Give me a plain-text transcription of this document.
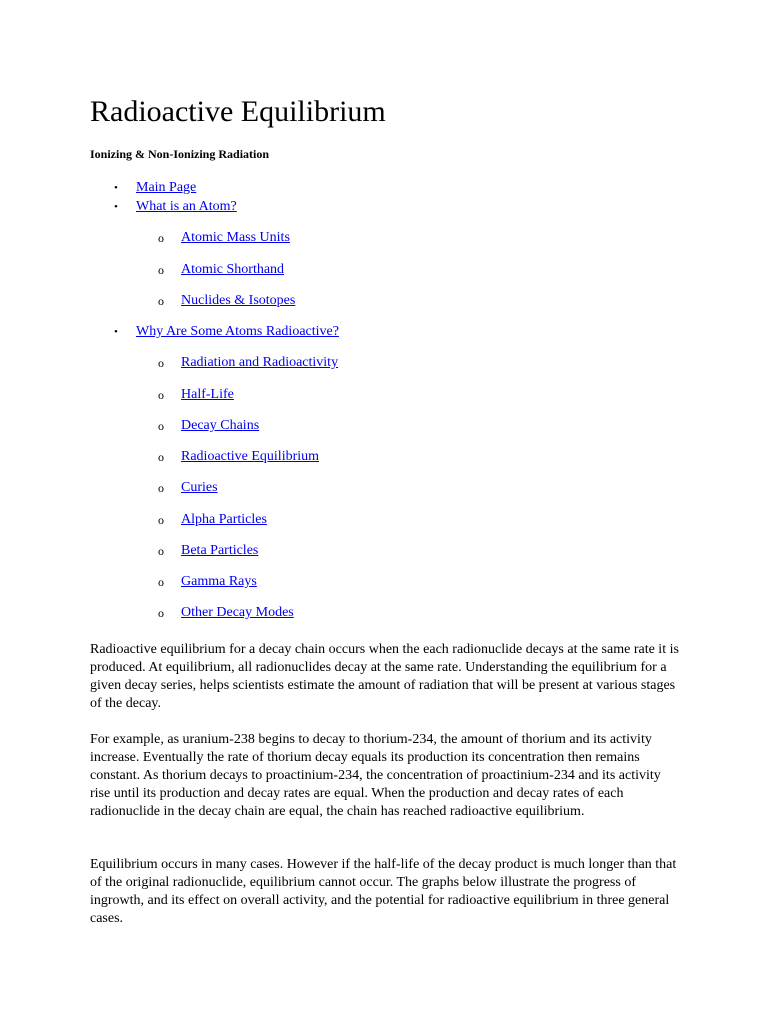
Radioactive Equilibrium

Ionizing & Non-Ionizing Radiation

• Main Page
• What is an Atom?
o Atomic Mass Units
o Atomic Shorthand
o Nuclides & Isotopes
• Why Are Some Atoms Radioactive?
o Radiation and Radioactivity
o Half-Life
o Decay Chains
o Radioactive Equilibrium
o Curies
o Alpha Particles
o Beta Particles
o Gamma Rays
o Other Decay Modes

Radioactive equilibrium for a decay chain occurs when the each radionuclide decays at the same rate it is produced. At equilibrium, all radionuclides decay at the same rate. Understanding the equilibrium for a given decay series, helps scientists estimate the amount of radiation that will be present at various stages of the decay.

For example, as uranium-238 begins to decay to thorium-234, the amount of thorium and its activity increase. Eventually the rate of thorium decay equals its production its concentration then remains constant. As thorium decays to proactinium-234, the concentration of proactinium-234 and its activity rise until its production and decay rates are equal. When the production and decay rates of each radionuclide in the decay chain are equal, the chain has reached radioactive equilibrium.

Equilibrium occurs in many cases. However if the half-life of the decay product is much longer than that of the original radionuclide, equilibrium cannot occur. The graphs below illustrate the progress of ingrowth, and its effect on overall activity, and the potential for radioactive equilibrium in three general cases.
